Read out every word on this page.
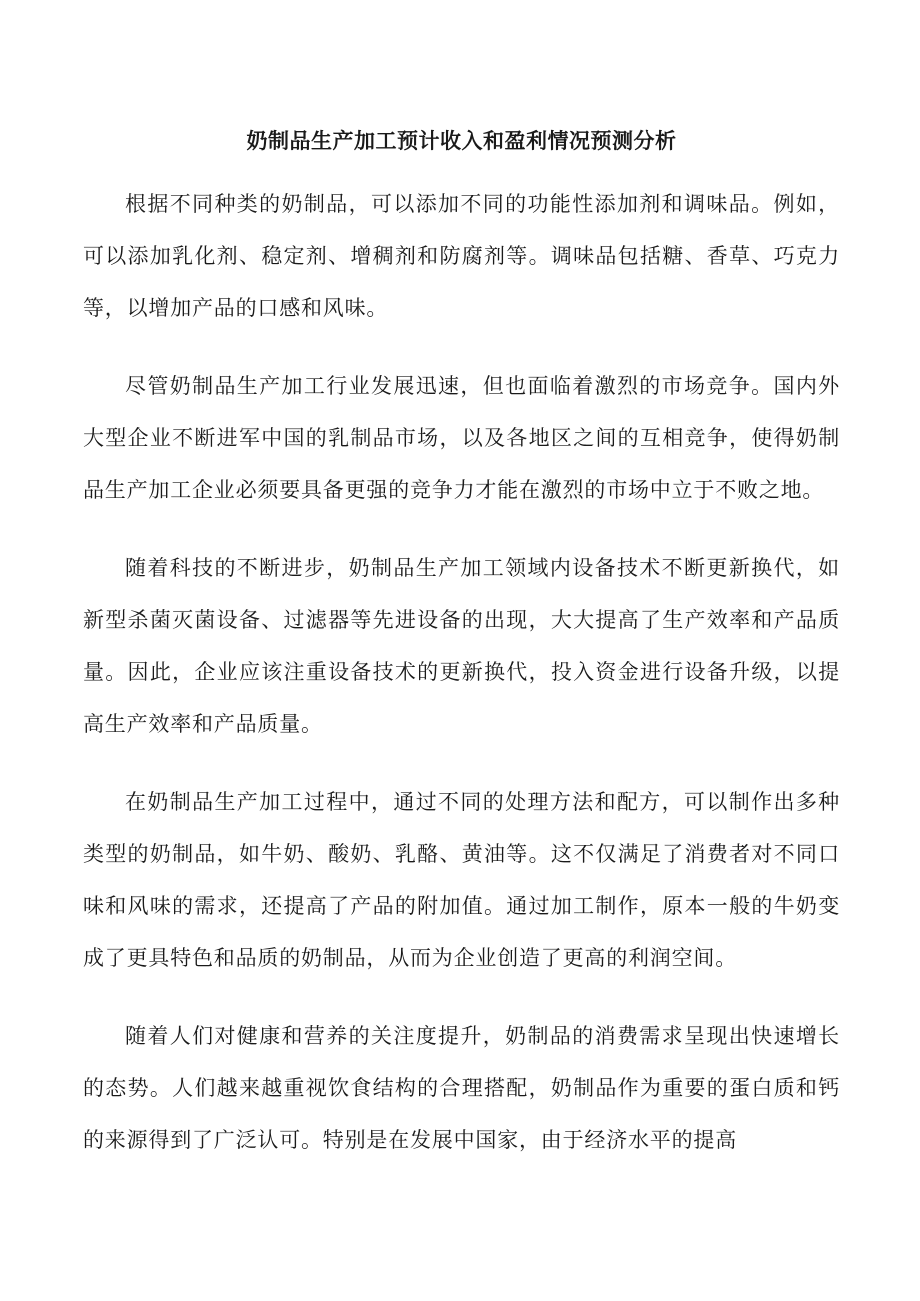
奶制品生产加工预计收入和盈利情况预测分析

根据不同种类的奶制品，可以添加不同的功能性添加剂和调味品。例如，可以添加乳化剂、稳定剂、增稠剂和防腐剂等。调味品包括糖、香草、巧克力等，以增加产品的口感和风味。

尽管奶制品生产加工行业发展迅速，但也面临着激烈的市场竞争。国内外大型企业不断进军中国的乳制品市场，以及各地区之间的互相竞争，使得奶制品生产加工企业必须要具备更强的竞争力才能在激烈的市场中立于不败之地。

随着科技的不断进步，奶制品生产加工领域内设备技术不断更新换代，如新型杀菌灭菌设备、过滤器等先进设备的出现，大大提高了生产效率和产品质量。因此，企业应该注重设备技术的更新换代，投入资金进行设备升级，以提高生产效率和产品质量。

在奶制品生产加工过程中，通过不同的处理方法和配方，可以制作出多种类型的奶制品，如牛奶、酸奶、乳酪、黄油等。这不仅满足了消费者对不同口味和风味的需求，还提高了产品的附加值。通过加工制作，原本一般的牛奶变成了更具特色和品质的奶制品，从而为企业创造了更高的利润空间。

随着人们对健康和营养的关注度提升，奶制品的消费需求呈现出快速增长的态势。人们越来越重视饮食结构的合理搭配，奶制品作为重要的蛋白质和钙的来源得到了广泛认可。特别是在发展中国家，由于经济水平的提高
